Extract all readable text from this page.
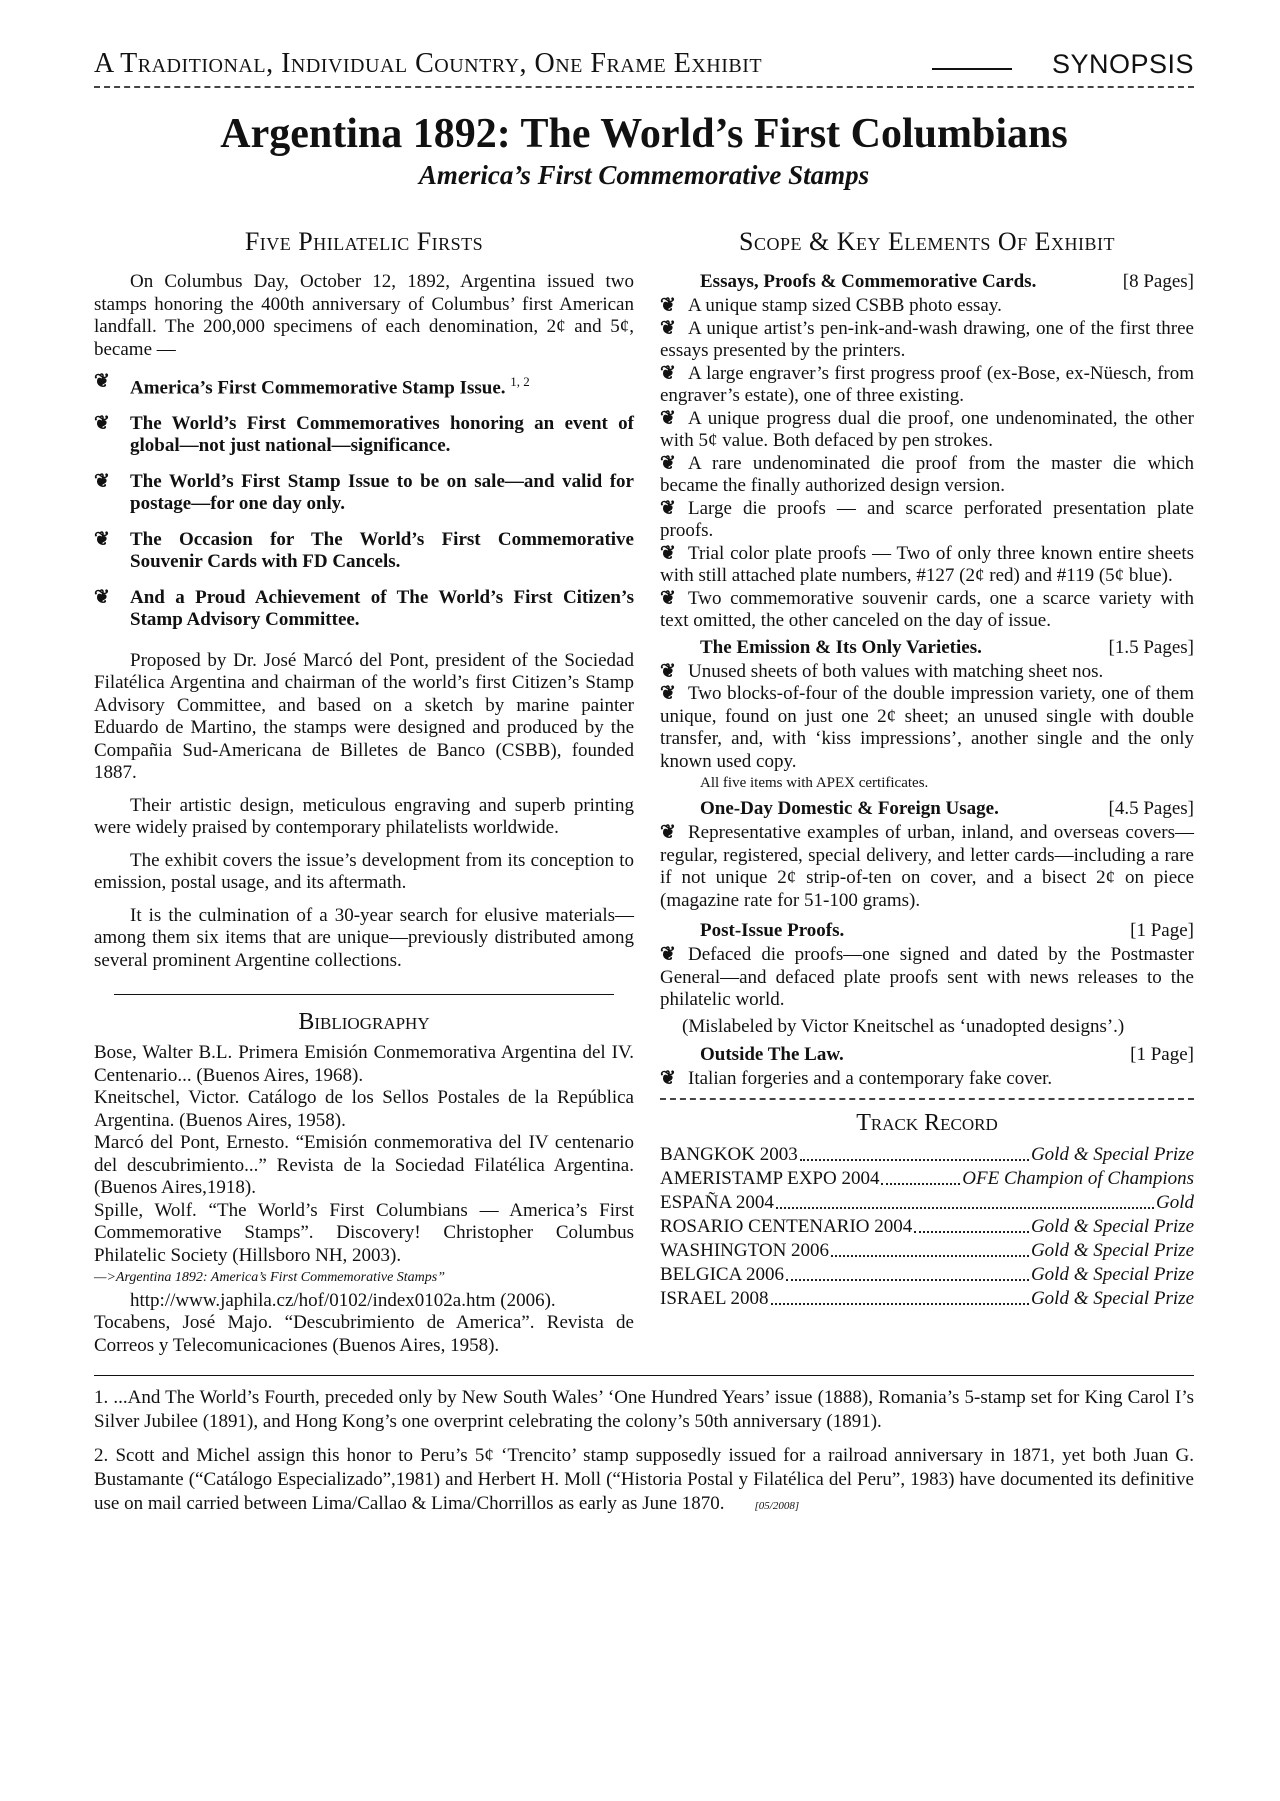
A Traditional, Individual Country, One Frame Exhibit	SYNOPSIS
Argentina 1892: The World’s First Columbians
America’s First Commemorative Stamps
Five Philatelic Firsts

On Columbus Day, October 12, 1892, Argentina issued two stamps honoring the 400th anniversary of Columbus’ first American landfall. The 200,000 specimens of each denomination, 2¢ and 5¢, became —

❦ America’s First Commemorative Stamp Issue. $^{1, 2}$
❦ The World’s First Commemoratives honoring an event of global—not just national—significance.
❦ The World’s First Stamp Issue to be on sale—and valid for postage—for one day only.
❦ The Occasion for The World’s First Commemorative Souvenir Cards with FD Cancels.
❦ And a Proud Achievement of The World’s First Citizen’s Stamp Advisory Committee.

Proposed by Dr. José Marcó del Pont, president of the Sociedad Filatélica Argentina and chairman of the world’s first Citizen’s Stamp Advisory Committee, and based on a sketch by marine painter Eduardo de Martino, the stamps were designed and produced by the Compañia Sud-Americana de Billetes de Banco (CSBB), founded 1887.

Their artistic design, meticulous engraving and superb printing were widely praised by contemporary philatelists worldwide.

The exhibit covers the issue’s development from its conception to emission, postal usage, and its aftermath.

It is the culmination of a 30-year search for elusive materials—among them six items that are unique—previously distributed among several prominent Argentine collections.

Bibliography

Bose, Walter B.L. Primera Emisión Conmemorativa Argentina del IV. Centenario... (Buenos Aires, 1968).

Kneitschel, Victor. Catálogo de los Sellos Postales de la República Argentina. (Buenos Aires, 1958).

Marcó del Pont, Ernesto. “Emisión conmemorativa del IV centenario del descubrimiento...” Revista de la Sociedad Filatélica Argentina. (Buenos Aires,1918).

Spille, Wolf. “The World’s First Columbians — America’s First Commemorative Stamps”. Discovery! Christopher Columbus Philatelic Society (Hillsboro NH, 2003).

—>Argentina 1892: America’s First Commemorative Stamps”

http://www.japhila.cz/hof/0102/index0102a.htm (2006).

Tocabens, José Majo. “Descubrimiento de America”. Revista de Correos y Telecomunicaciones (Buenos Aires, 1958).

Scope & Key Elements Of Exhibit
Essays, Proofs & Commemorative Cards.	[8 Pages]
❦ A unique stamp sized CSBB photo essay.
❦ A unique artist’s pen-ink-and-wash drawing, one of the first three essays presented by the printers.
❦ A large engraver’s first progress proof (ex-Bose, ex-Nüesch, from engraver’s estate), one of three existing.
❦ A unique progress dual die proof, one undenominated, the other with 5¢ value. Both defaced by pen strokes.
❦ A rare undenominated die proof from the master die which became the finally authorized design version.
❦ Large die proofs — and scarce perforated presentation plate proofs.
❦ Trial color plate proofs — Two of only three known entire sheets with still attached plate numbers, #127 (2¢ red) and #119 (5¢ blue).
❦ Two commemorative souvenir cards, one a scarce variety with text omitted, the other canceled on the day of issue.
The Emission & Its Only Varieties.	[1.5 Pages]
❦ Unused sheets of both values with matching sheet nos.
❦ Two blocks-of-four of the double impression variety, one of them unique, found on just one 2¢ sheet; an unused single with double transfer, and, with ‘kiss impressions’, another single and the only known used copy.
All five items with APEX certificates.
One-Day Domestic & Foreign Usage.	[4.5 Pages]
❦ Representative examples of urban, inland, and overseas covers—regular, registered, special delivery, and letter cards—including a rare if not unique 2¢ strip-of-ten on cover, and a bisect 2¢ on piece (magazine rate for 51-100 grams).
Post-Issue Proofs.	[1 Page]
❦ Defaced die proofs—one signed and dated by the Postmaster General—and defaced plate proofs sent with news releases to the philatelic world.
(Mislabeled by Victor Kneitschel as ‘unadopted designs’.)
Outside The Law.	[1 Page]
❦ Italian forgeries and a contemporary fake cover.
Track Record
BANGKOK 2003	Gold & Special Prize
AMERISTAMP EXPO 2004	OFE Champion of Champions
ESPAÑA 2004	Gold
ROSARIO CENTENARIO 2004	Gold & Special Prize
WASHINGTON 2006	Gold & Special Prize
BELGICA 2006	Gold & Special Prize
ISRAEL 2008	Gold & Special Prize

1. ...And The World’s Fourth, preceded only by New South Wales’ ‘One Hundred Years’ issue (1888), Romania’s 5-stamp set for King Carol I’s Silver Jubilee (1891), and Hong Kong’s one overprint celebrating the colony’s 50th anniversary (1891).

2. Scott and Michel assign this honor to Peru’s 5¢ ‘Trencito’ stamp supposedly issued for a railroad anniversary in 1871, yet both Juan G. Bustamante (“Catálogo Especializado”,1981) and Herbert H. Moll (“Historia Postal y Filatélica del Peru”, 1983) have documented its definitive use on mail carried between Lima/Callao & Lima/Chorrillos as early as June 1870.	[05/2008]
